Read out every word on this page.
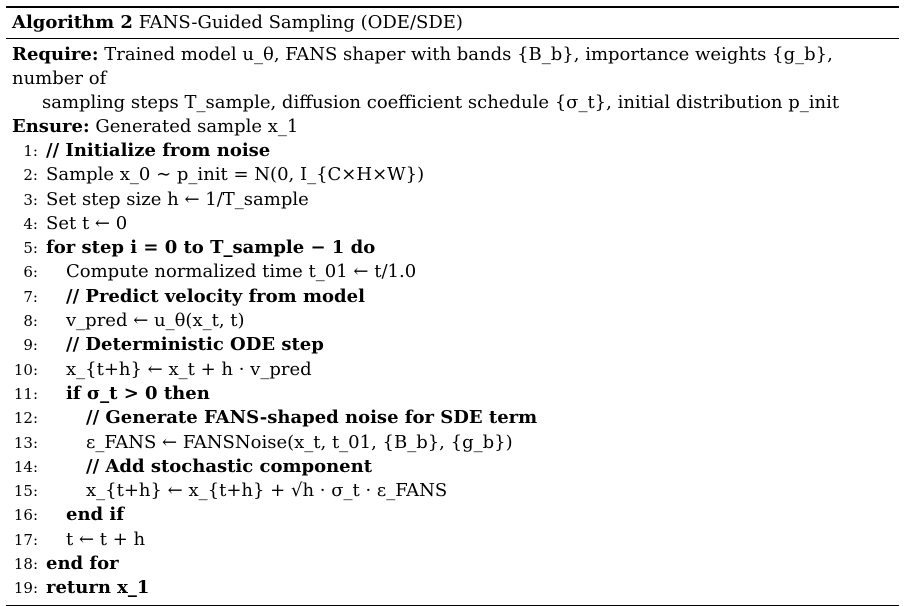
Algorithm 2 FANS-Guided Sampling (ODE/SDE)
Require: Trained model u_θ, FANS shaper with bands {B_b}, importance weights {g_b}, number of
sampling steps T_sample, diffusion coefficient schedule {σ_t}, initial distribution p_init
Ensure: Generated sample x_1
1: // Initialize from noise
2: Sample x_0 ∼ p_init = N(0, I_{C×H×W})
3: Set step size h ← 1/T_sample
4: Set t ← 0
5: for step i = 0 to T_sample − 1 do
6: Compute normalized time t_01 ← t/1.0
7: // Predict velocity from model
8: v_pred ← u_θ(x_t, t)
9: // Deterministic ODE step
10: x_{t+h} ← x_t + h · v_pred
11: if σ_t > 0 then
12:	// Generate FANS-shaped noise for SDE term
13:	ε_FANS ← FANSNoise(x_t, t_01, {B_b}, {g_b})
14:	// Add stochastic component
15:	x_{t+h} ← x_{t+h} + √h · σ_t · ε_FANS
16: end if
17: t ← t + h
18: end for
19: return x_1
